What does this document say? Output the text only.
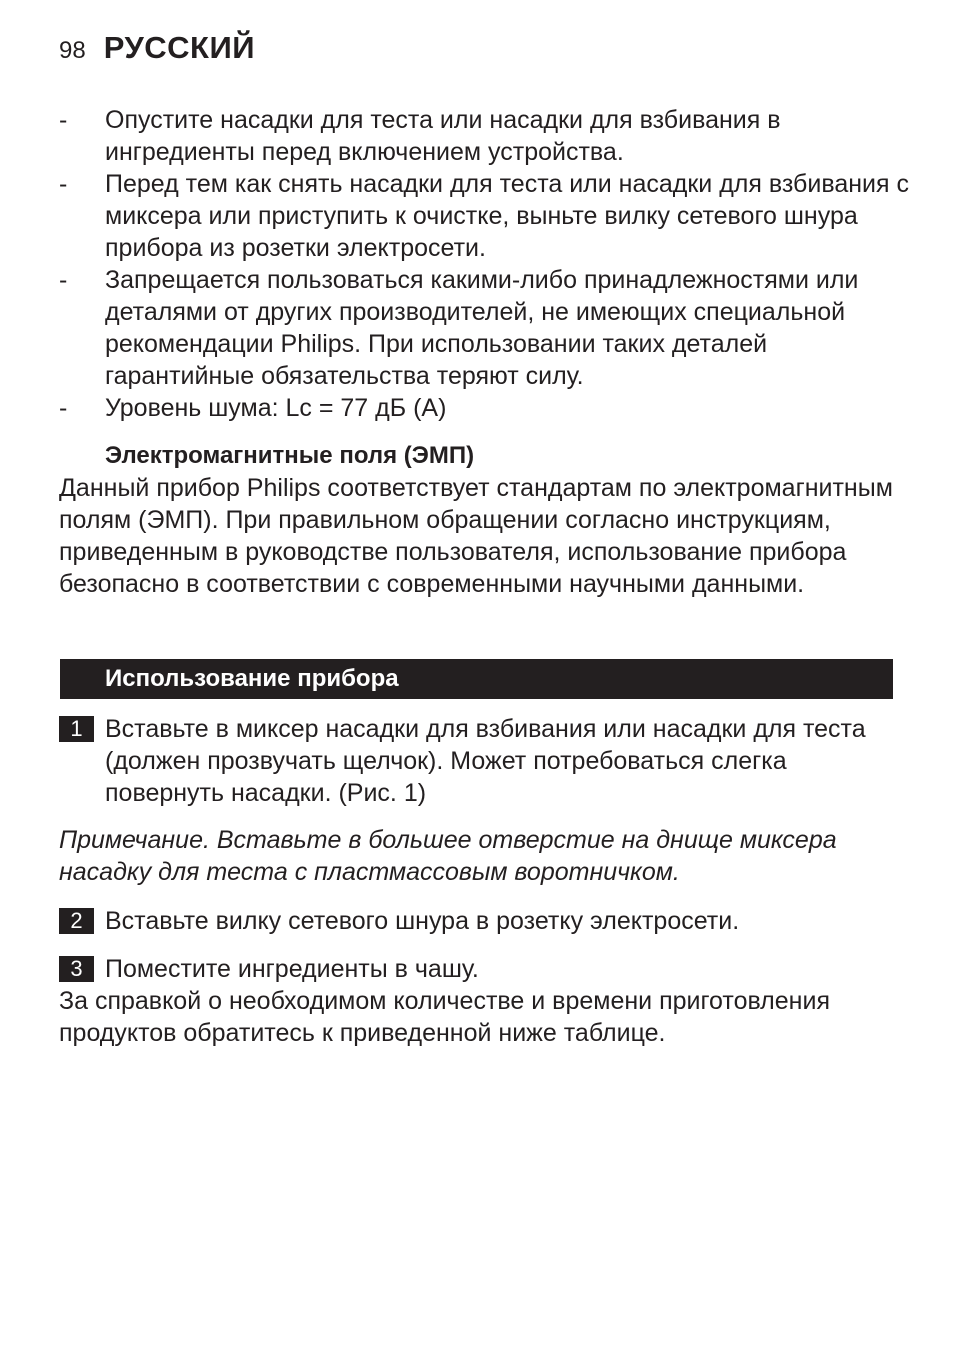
98 РУССКИЙ
-	Опустите насадки для теста или насадки для взбивания в ингредиенты перед включением устройства.
-	Перед тем как снять насадки для теста или насадки для взбивания с миксера или приступить к очистке, выньте вилку сетевого шнура прибора из розетки электросети.
-	Запрещается пользоваться какими-либо принадлежностями или деталями от других производителей, не имеющих специальной рекомендации Philips. При использовании таких деталей гарантийные обязательства теряют силу.
-	Уровень шума: Lc = 77 дБ (A)
Электромагнитные поля (ЭМП)
Данный прибор Philips соответствует стандартам по электромагнитным полям (ЭМП). При правильном обращении согласно инструкциям, приведенным в руководстве пользователя, использование прибора безопасно в соответствии с современными научными данными.
Использование прибора
1 Вставьте в миксер насадки для взбивания или насадки для теста (должен прозвучать щелчок). Может потребоваться слегка повернуть насадки. (Рис. 1)
Примечание. Вставьте в большее отверстие на днище миксера насадку для теста с пластмассовым воротничком.
2 Вставьте вилку сетевого шнура в розетку электросети.
3 Поместите ингредиенты в чашу.
За справкой о необходимом количестве и времени приготовления продуктов обратитесь к приведенной ниже таблице.
